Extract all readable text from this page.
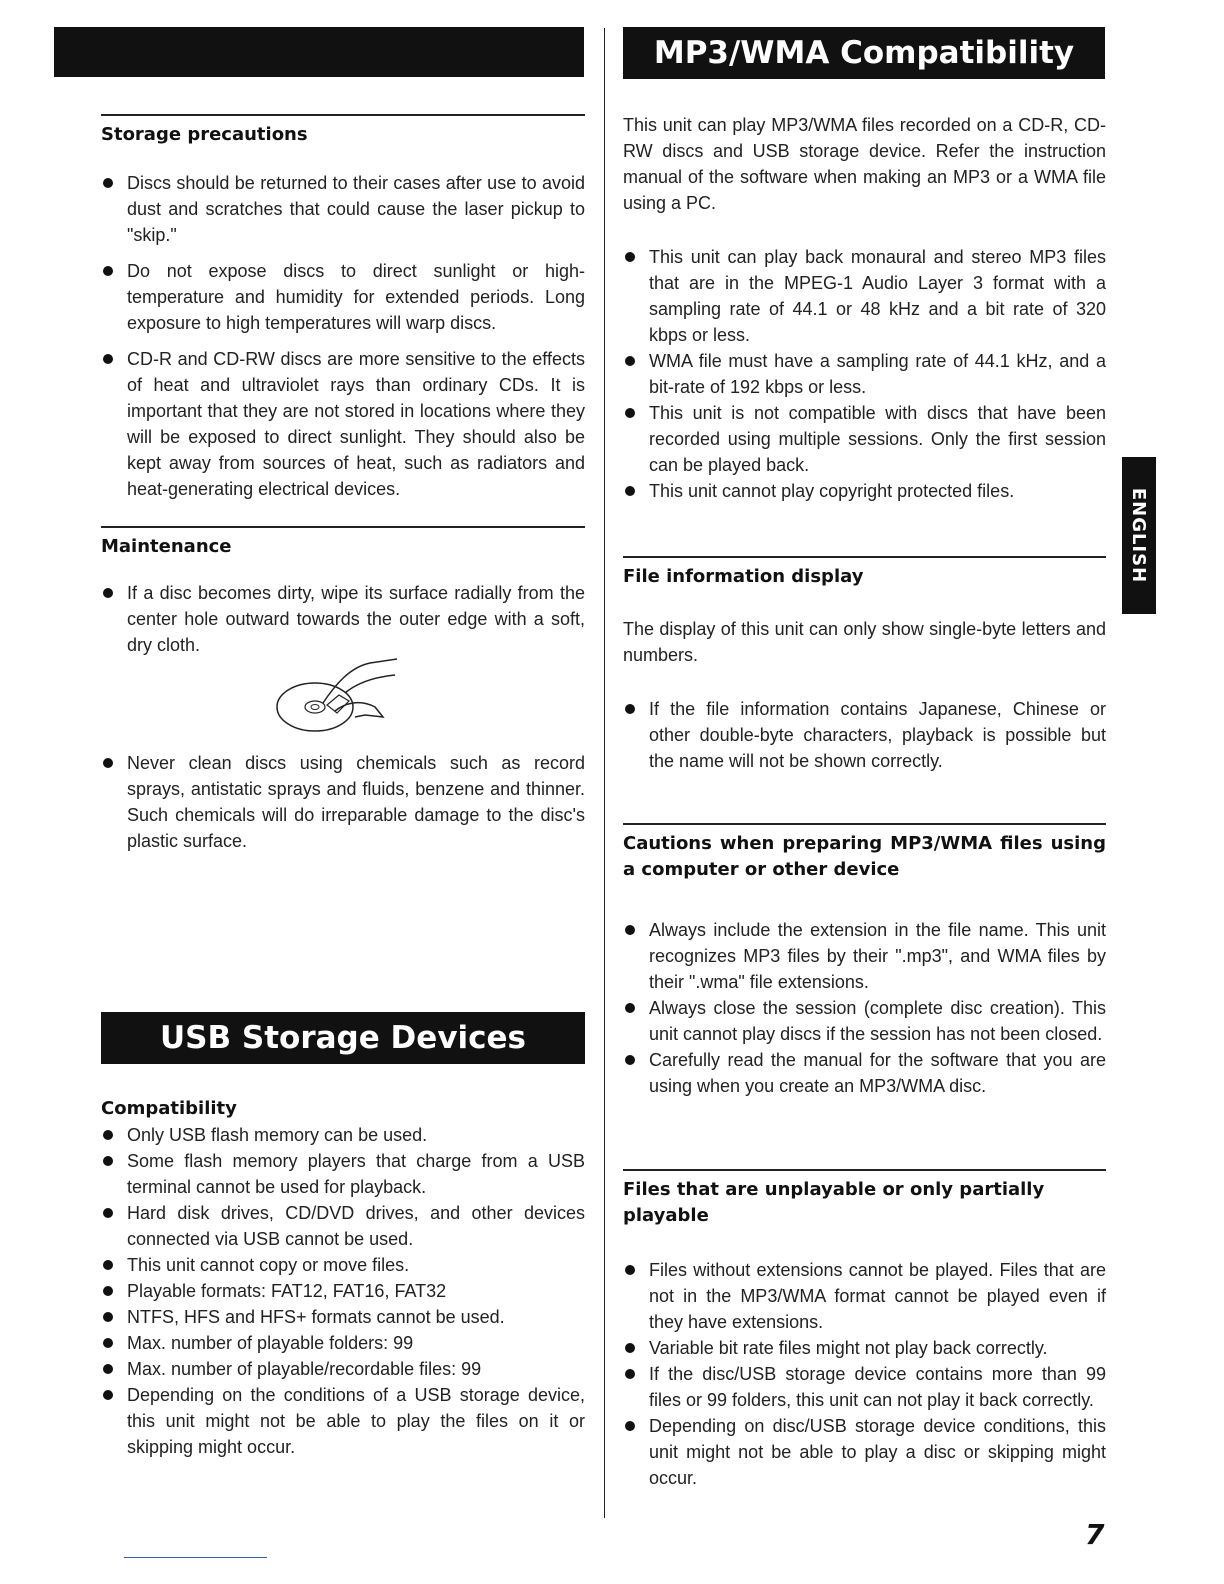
MP3/WMA Compatibility
Storage precautions
Discs should be returned to their cases after use to avoid dust and scratches that could cause the laser pickup to "skip."
Do not expose discs to direct sunlight or high-temperature and humidity for extended periods. Long exposure to high temperatures will warp discs.
CD-R and CD-RW discs are more sensitive to the effects of heat and ultraviolet rays than ordinary CDs. It is important that they are not stored in locations where they will be exposed to direct sunlight. They should also be kept away from sources of heat, such as radiators and heat-generating electrical devices.
Maintenance
If a disc becomes dirty, wipe its surface radially from the center hole outward towards the outer edge with a soft, dry cloth.
Never clean discs using chemicals such as record sprays, antistatic sprays and fluids, benzene and thinner. Such chemicals will do irreparable damage to the disc's plastic surface.
USB Storage Devices
Compatibility
Only USB flash memory can be used.
Some flash memory players that charge from a USB terminal cannot be used for playback.
Hard disk drives, CD/DVD drives, and other devices connected via USB cannot be used.
This unit cannot copy or move files.
Playable formats: FAT12, FAT16, FAT32
NTFS, HFS and HFS+ formats cannot be used.
Max. number of playable folders: 99
Max. number of playable/recordable files: 99
Depending on the conditions of a USB storage device, this unit might not be able to play the files on it or skipping might occur.
This unit can play MP3/WMA files recorded on a CD-R, CD-RW discs and USB storage device. Refer the instruction manual of the software when making an MP3 or a WMA file using a PC.
This unit can play back monaural and stereo MP3 files that are in the MPEG-1 Audio Layer 3 format with a sampling rate of 44.1 or 48 kHz and a bit rate of 320 kbps or less.
WMA file must have a sampling rate of 44.1 kHz, and a bit-rate of 192 kbps or less.
This unit is not compatible with discs that have been recorded using multiple sessions. Only the first session can be played back.
This unit cannot play copyright protected files.
File information display
The display of this unit can only show single-byte letters and numbers.
If the file information contains Japanese, Chinese or other double-byte characters, playback is possible but the name will not be shown correctly.
Cautions when preparing MP3/WMA files using a computer or other device
Always include the extension in the file name. This unit recognizes MP3 files by their ".mp3", and WMA files by their ".wma" file extensions.
Always close the session (complete disc creation). This unit cannot play discs if the session has not been closed.
Carefully read the manual for the software that you are using when you create an MP3/WMA disc.
Files that are unplayable or only partially playable
Files without extensions cannot be played. Files that are not in the MP3/WMA format cannot be played even if they have extensions.
Variable bit rate files might not play back correctly.
If the disc/USB storage device contains more than 99 files or 99 folders, this unit can not play it back correctly.
Depending on disc/USB storage device conditions, this unit might not be able to play a disc or skipping might occur.
ENGLISH
7
